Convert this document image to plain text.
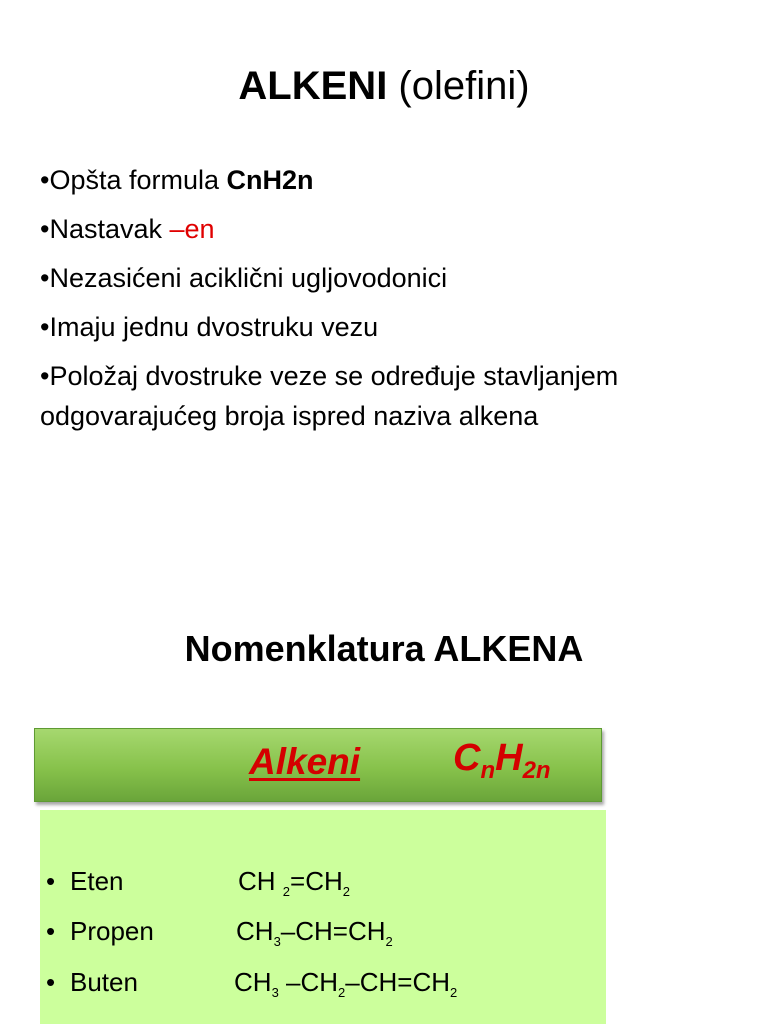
ALKENI (olefini)
•Opšta formula CnH2n
•Nastavak –en
•Nezasićeni aciklični ugljovodonici
•Imaju jednu dvostruku vezu
•Položaj dvostruke veze se određuje stavljanjem odgovarajućeg broja ispred naziva alkena
Nomenklatura ALKENA
Alkeni $C_nH_{2n}$
• Eten	CH $_2=CH_2$
• Propen	$CH_3-CH=CH_2$
• Buten	$CH_3$ $-CH_2-CH=CH_2$
